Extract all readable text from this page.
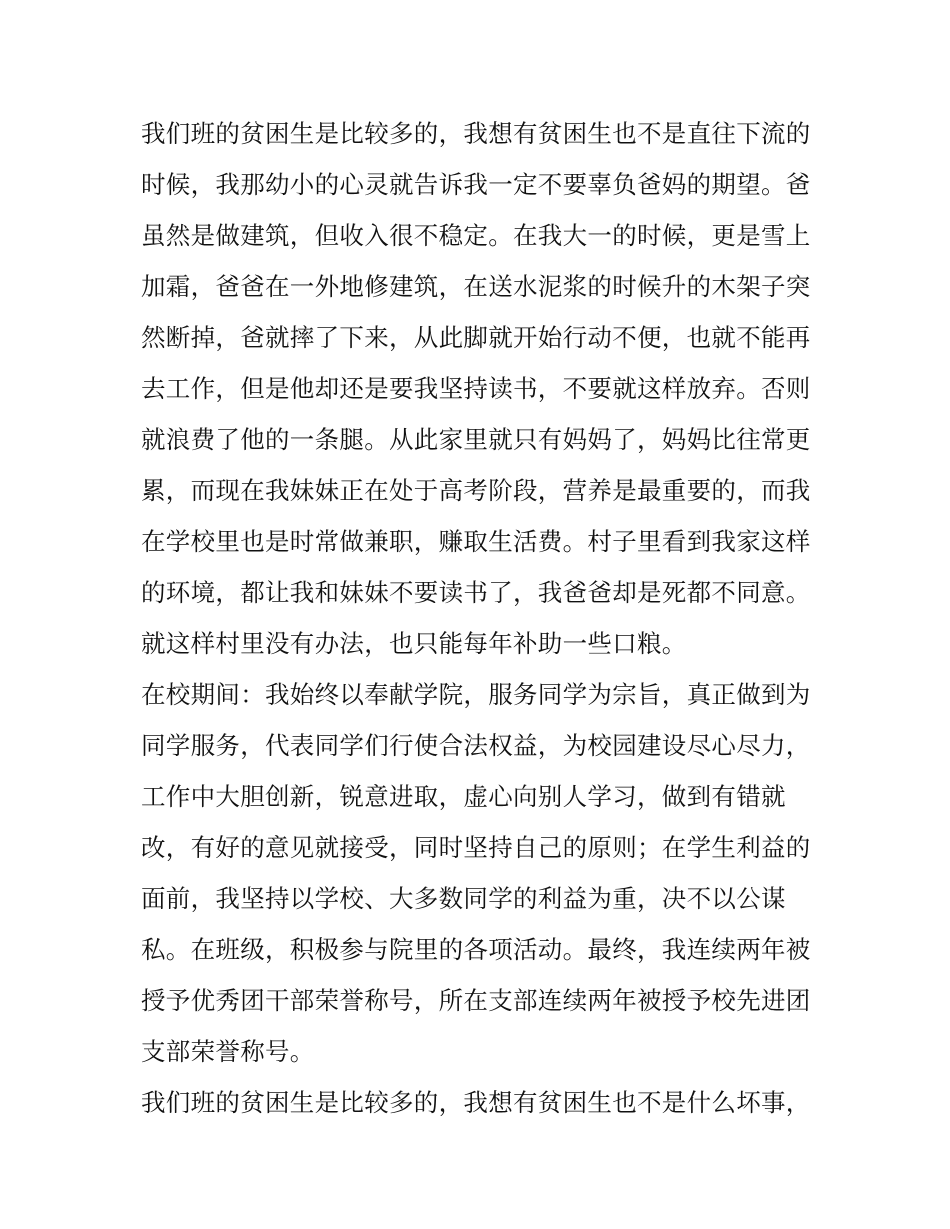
我们班的贫困生是比较多的，我想有贫困生也不是直往下流的
时候，我那幼小的心灵就告诉我一定不要辜负爸妈的期望。爸
虽然是做建筑，但收入很不稳定。在我大一的时候，更是雪上
加霜，爸爸在一外地修建筑，在送水泥浆的时候升的木架子突
然断掉，爸就摔了下来，从此脚就开始行动不便，也就不能再
去工作，但是他却还是要我坚持读书，不要就这样放弃。否则
就浪费了他的一条腿。从此家里就只有妈妈了，妈妈比往常更
累，而现在我妹妹正在处于高考阶段，营养是最重要的，而我
在学校里也是时常做兼职，赚取生活费。村子里看到我家这样
的环境，都让我和妹妹不要读书了，我爸爸却是死都不同意。
就这样村里没有办法，也只能每年补助一些口粮。
在校期间：我始终以奉献学院，服务同学为宗旨，真正做到为
同学服务，代表同学们行使合法权益，为校园建设尽心尽力，
工作中大胆创新，锐意进取，虚心向别人学习，做到有错就
改，有好的意见就接受，同时坚持自己的原则；在学生利益的
面前，我坚持以学校、大多数同学的利益为重，决不以公谋
私。在班级，积极参与院里的各项活动。最终，我连续两年被
授予优秀团干部荣誉称号，所在支部连续两年被授予校先进团
支部荣誉称号。
我们班的贫困生是比较多的，我想有贫困生也不是什么坏事，
